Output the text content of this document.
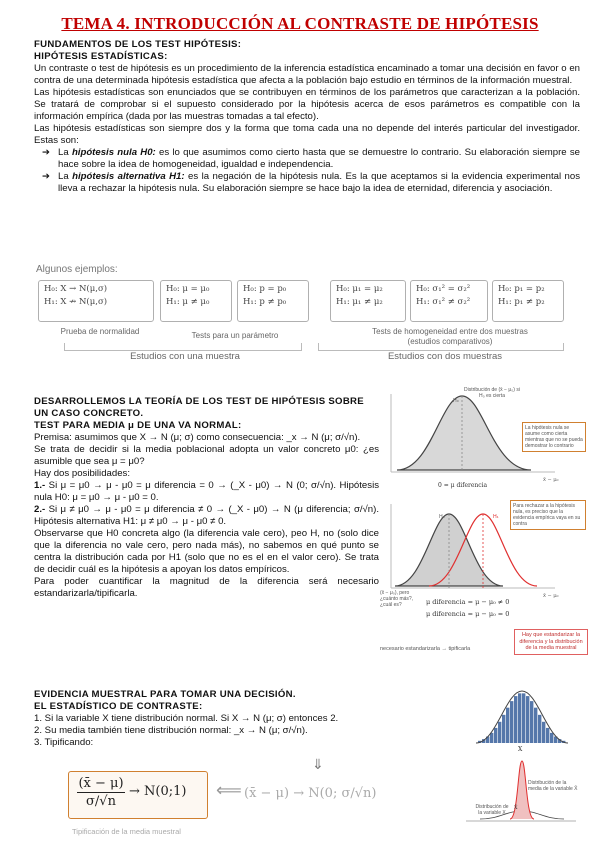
TEMA 4. INTRODUCCIÓN AL CONTRASTE DE HIPÓTESIS
FUNDAMENTOS DE LOS TEST HIPÓTESIS:
HIPÓTESIS ESTADÍSTICAS:

Un contraste o test de hipótesis es un procedimiento de la inferencia estadística encaminado a tomar una decisión en favor o en contra de una determinada hipótesis estadística que afecta a la población bajo estudio en términos de la información muestral.

Las hipótesis estadísticas son enunciados que se contribuyen en términos de los parámetros que caracterizan a la población. Se tratará de comprobar si el supuesto considerado por la hipótesis acerca de esos parámetros es compatible con la información empírica (dada por las muestras tomadas a tal efecto).

Las hipótesis estadísticas son siempre dos y la forma que toma cada una no depende del interés particular del investigador. Estas son:

➔ La hipótesis nula H0: es lo que asumimos como cierto hasta que se demuestre lo contrario. Su elaboración siempre se hace sobre la idea de homogeneidad, igualdad e independencia.
➔ La hipótesis alternativa H1: es la negación de la hipótesis nula. Es la que aceptamos si la evidencia experimental nos lleva a rechazar la hipótesis nula. Su elaboración siempre se hace bajo la idea de eternidad, diferencia y asociación.
Algunos ejemplos:
H₀: X → N(μ,σ)
H₁: X ↛ N(μ,σ)
H₀: μ = μ₀
H₁: μ ≠ μ₀
H₀: p = p₀
H₁: p ≠ p₀
H₀: μ₁ = μ₂
H₁: μ₁ ≠ μ₂
H₀: σ₁² = σ₂²
H₁: σ₁² ≠ σ₂²
H₀: p₁ = p₂
H₁: p₁ ≠ p₂
Prueba de normalidad	Tests para un parámetro	Tests de homogeneidad entre dos muestras (estudios comparativos)
Estudios con una muestra	Estudios con dos muestras
DESARROLLEMOS LA TEORÍA DE LOS TEST DE HIPÓTESIS SOBRE UN CASO CONCRETO.
TEST PARA MEDIA μ DE UNA VA NORMAL:

Premisa: asumimos que X → N (μ; σ) como consecuencia: _x → N (μ; σ/√n).

Se trata de decidir si la media poblacional adopta un valor concreto μ0: ¿es asumible que sea μ = μ0?

Hay dos posibilidades:

1.- Si μ = μ0 → μ - μ0 = μ diferencia = 0 → (_X - μ0) → N (0; σ/√n). Hipótesis nula H0: μ = μ0 → μ - μ0 = 0.

2.- Si μ ≠ μ0 → μ - μ0 = μ diferencia ≠ 0 → (_X - μ0) → N (μ diferencia; σ/√n). Hipótesis alternativa H1: μ ≠ μ0 → μ - μ0 ≠ 0.

Observarse que H0 concreta algo (la diferencia vale cero), peo H, no (solo dice que la diferencia no vale cero, pero nada más), no sabemos en qué punto se centra la distribución cada por H1 (solo que no es el en el valor cero). Se trata de decidir cuál es la hipótesis a apoyan los datos empíricos.

Para poder cuantificar la magnitud de la diferencia será necesario estandarizarla/tipificarla.

H₀
x̄ − μ₀
0 = μ diferencia
Distribución de (x̄ − μ₀) si H₀ es cierta
La hipótesis nula se asume como cierta mientras que no se pueda demostrar lo contrario
H₀	H₁
x̄ − μ₀
Para rechazar a la hipótesis nula, es preciso que la evidencia empírica vaya en su contra
(x̄ − μ₀), pero ¿cuánto más?, ¿cuál es?	μ diferencia = μ − μ₀ ≠ 0
μ diferencia = μ − μ₀ = 0
necesario estandarizarla → tipificarla
Hay que estandarizar la diferencia y la distribución de la media muestral
EVIDENCIA MUESTRAL PARA TOMAR UNA DECISIÓN.
EL ESTADÍSTICO DE CONTRASTE:
1. Si la variable X tiene distribución normal. Si X → N (μ; σ) entonces 2.
2. Su media también tiene distribución normal: _x → N (μ; σ/√n).
3. Tipificando:
⇓
(x̄ − μ)
σ/√n
→ N(0;1) ⟸ (x̄ − μ) → N(0; σ/√n)
Tipificación de la media muestral
X
X̄
Distribución de la media de la variable X̄
Distribución de la variable X
